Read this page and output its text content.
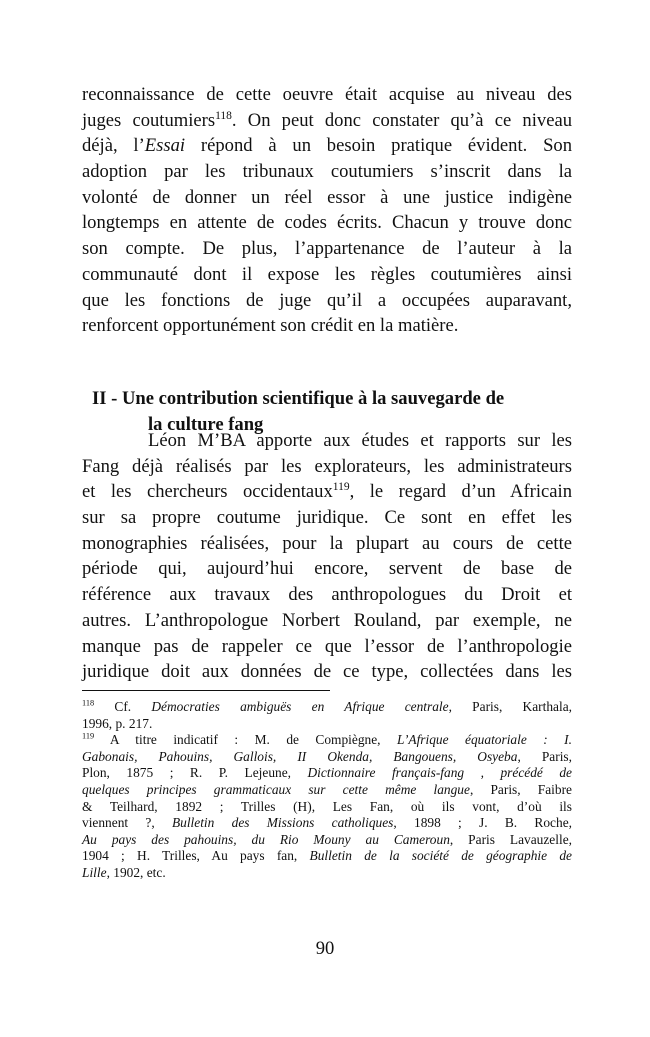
reconnaissance de cette oeuvre était acquise au niveau des
juges coutumiers$^{118}$. On peut donc constater qu’à ce niveau
déjà, l’Essai répond à un besoin pratique évident. Son
adoption par les tribunaux coutumiers s’inscrit dans la
volonté de donner un réel essor à une justice indigène
longtemps en attente de codes écrits. Chacun y trouve donc
son compte. De plus, l’appartenance de l’auteur à la
communauté dont il expose les règles coutumières ainsi
que les fonctions de juge qu’il a occupées auparavant,
renforcent opportunément son crédit en la matière.
II - Une contribution scientifique à la sauvegarde de
la culture fang
Léon M’BA apporte aux études et rapports sur les
Fang déjà réalisés par les explorateurs, les administrateurs
et les chercheurs occidentaux$^{119}$, le regard d’un Africain
sur sa propre coutume juridique. Ce sont en effet les
monographies réalisées, pour la plupart au cours de cette
période qui, aujourd’hui encore, servent de base de
référence aux travaux des anthropologues du Droit et
autres. L’anthropologue Norbert Rouland, par exemple, ne
manque pas de rappeler ce que l’essor de l’anthropologie
juridique doit aux données de ce type, collectées dans les
$^{118}$ Cf. Démocraties ambiguës en Afrique centrale, Paris, Karthala,
1996, p. 217.
$^{119}$ A titre indicatif : M. de Compiègne, L’Afrique équatoriale : I.
Gabonais, Pahouins, Gallois, II Okenda, Bangouens, Osyeba, Paris,
Plon, 1875 ; R. P. Lejeune, Dictionnaire français-fang , précédé de
quelques principes grammaticaux sur cette même langue, Paris, Faibre
& Teilhard, 1892 ; Trilles (H), Les Fan, où ils vont, d’où ils
viennent ?, Bulletin des Missions catholiques, 1898 ; J. B. Roche,
Au pays des pahouins, du Rio Mouny au Cameroun, Paris Lavauzelle,
1904 ; H. Trilles, Au pays fan, Bulletin de la société de géographie de
Lille, 1902, etc.
90
